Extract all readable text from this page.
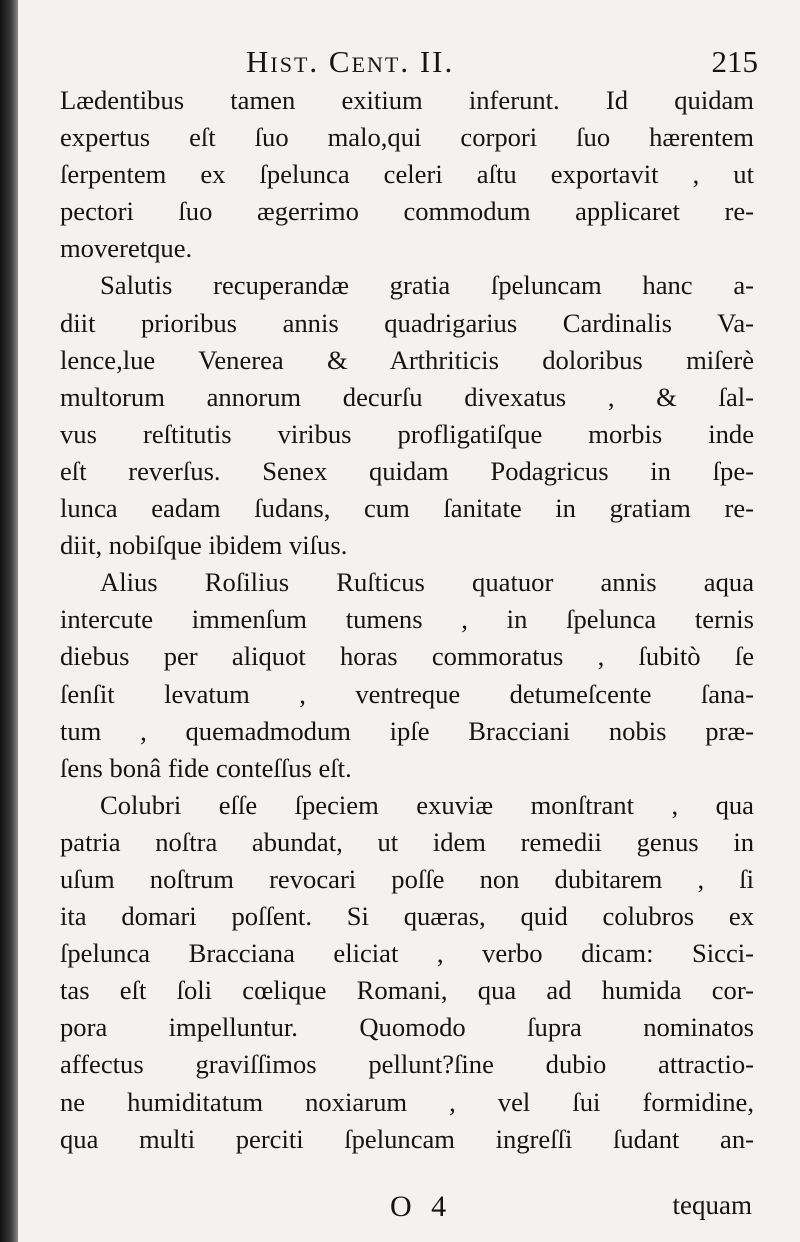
Hist. Cent. II.	215
Lædentibus tamen exitium inferunt. Id quidam
expertus eſt ſuo malo,qui corpori ſuo hærentem
ſerpentem ex ſpelunca celeri aſtu exportavit , ut
pectori ſuo ægerrimo commodum applicaret re-
moveretque.
Salutis recuperandæ gratia ſpeluncam hanc a-
diit prioribus annis quadrigarius Cardinalis Va-
lence,lue Venerea & Arthriticis doloribus miſerè
multorum annorum decurſu divexatus , & ſal-
vus reſtitutis viribus profligatiſque morbis inde
eſt reverſus. Senex quidam Podagricus in ſpe-
lunca eadam ſudans, cum ſanitate in gratiam re-
diit, nobiſque ibidem viſus.
Alius Roſilius Ruſticus quatuor annis aqua
intercute immenſum tumens , in ſpelunca ternis
diebus per aliquot horas commoratus , ſubitò ſe
ſenſit levatum , ventreque detumeſcente ſana-
tum , quemadmodum ipſe Bracciani nobis præ-
ſens bonâ fide conteſſus eſt.
Colubri eſſe ſpeciem exuviæ monſtrant , qua
patria noſtra abundat, ut idem remedii genus in
uſum noſtrum revocari poſſe non dubitarem , ſi
ita domari poſſent. Si quæras, quid colubros ex
ſpelunca Bracciana eliciat , verbo dicam: Sicci-
tas eſt ſoli cœlique Romani, qua ad humida cor-
pora impelluntur. Quomodo ſupra nominatos
affectus graviſſimos pellunt?ſine dubio attractio-
ne humiditatum noxiarum , vel ſui formidine,
qua multi perciti ſpeluncam ingreſſi ſudant an-
O 4	tequam
